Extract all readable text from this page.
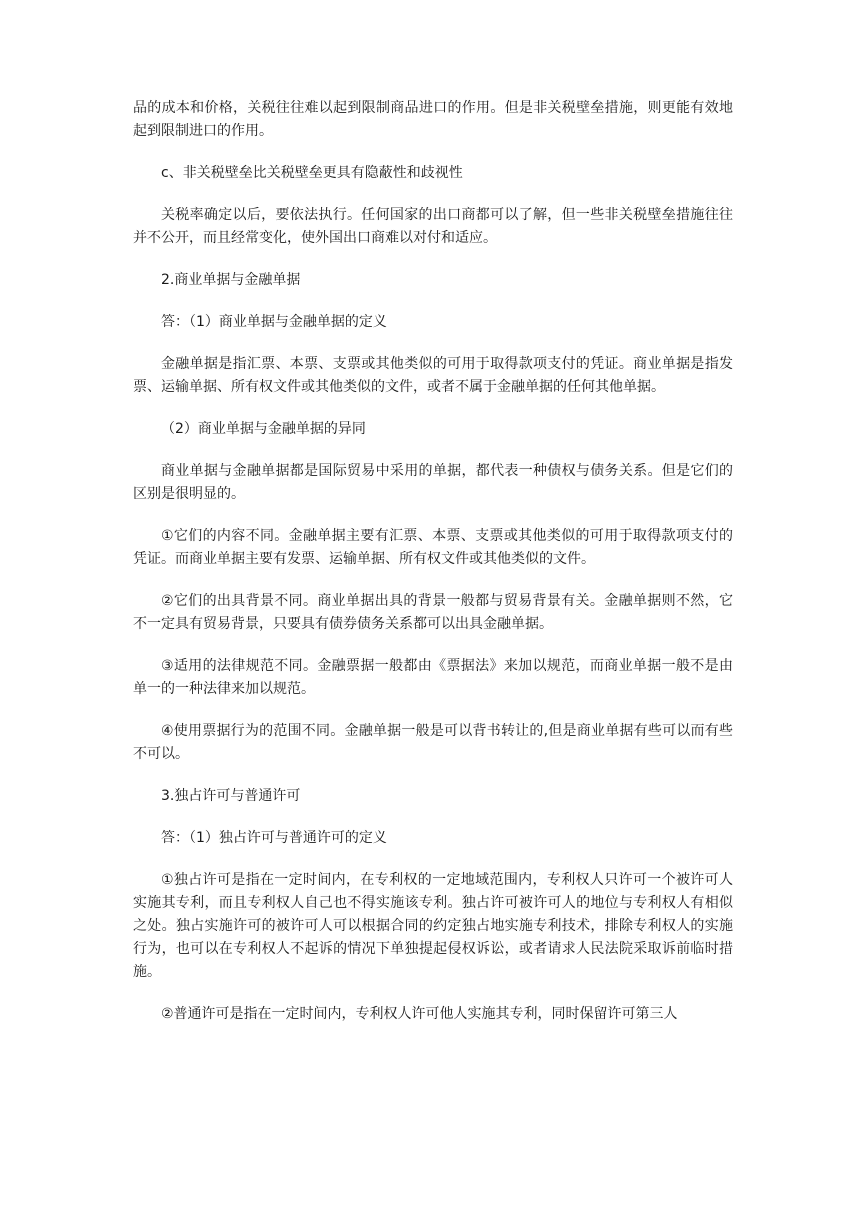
品的成本和价格，关税往往难以起到限制商品进口的作用。但是非关税壁垒措施，则更能有效地起到限制进口的作用。

c、非关税壁垒比关税壁垒更具有隐蔽性和歧视性

关税率确定以后，要依法执行。任何国家的出口商都可以了解，但一些非关税壁垒措施往往并不公开，而且经常变化，使外国出口商难以对付和适应。

2.商业单据与金融单据

答：（1）商业单据与金融单据的定义

金融单据是指汇票、本票、支票或其他类似的可用于取得款项支付的凭证。商业单据是指发票、运输单据、所有权文件或其他类似的文件，或者不属于金融单据的任何其他单据。

（2）商业单据与金融单据的异同

商业单据与金融单据都是国际贸易中采用的单据，都代表一种债权与债务关系。但是它们的区别是很明显的。

①它们的内容不同。金融单据主要有汇票、本票、支票或其他类似的可用于取得款项支付的凭证。而商业单据主要有发票、运输单据、所有权文件或其他类似的文件。

②它们的出具背景不同。商业单据出具的背景一般都与贸易背景有关。金融单据则不然，它不一定具有贸易背景，只要具有债券债务关系都可以出具金融单据。

③适用的法律规范不同。金融票据一般都由《票据法》来加以规范，而商业单据一般不是由单一的一种法律来加以规范。

④使用票据行为的范围不同。金融单据一般是可以背书转让的,但是商业单据有些可以而有些不可以。

3.独占许可与普通许可

答：（1）独占许可与普通许可的定义

①独占许可是指在一定时间内，在专利权的一定地域范围内，专利权人只许可一个被许可人实施其专利，而且专利权人自己也不得实施该专利。独占许可被许可人的地位与专利权人有相似之处。独占实施许可的被许可人可以根据合同的约定独占地实施专利技术，排除专利权人的实施行为，也可以在专利权人不起诉的情况下单独提起侵权诉讼，或者请求人民法院采取诉前临时措施。

②普通许可是指在一定时间内，专利权人许可他人实施其专利，同时保留许可第三人
